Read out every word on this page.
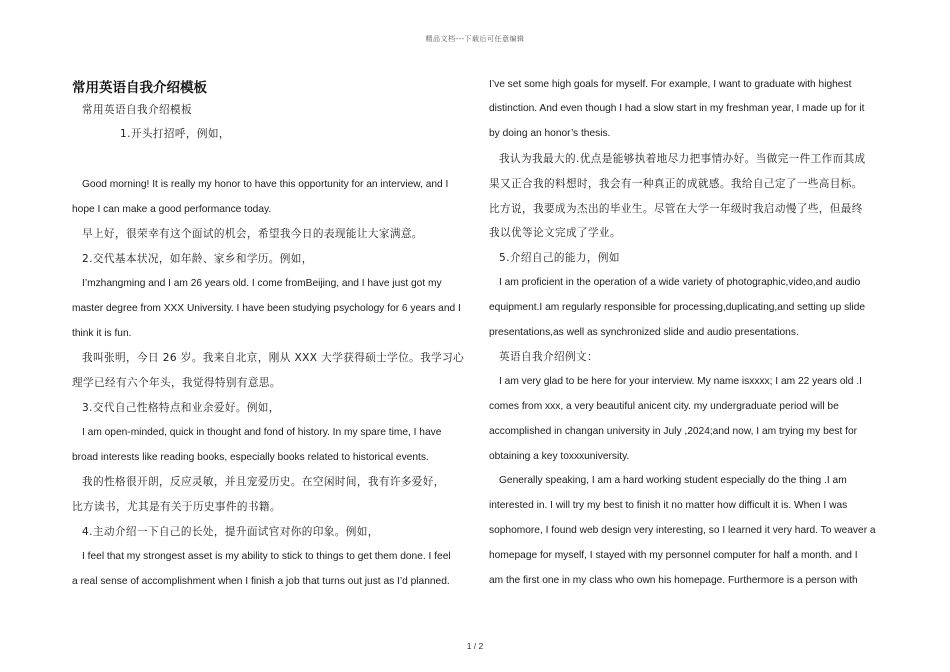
精品文档---下载后可任意编辑
常用英语自我介绍模板
常用英语自我介绍模板
1.开头打招呼，例如，
Good morning! It is really my honor to have this opportunity for an interview, and I
hope I can make a good performance today.
早上好，很荣幸有这个面试的机会，希望我今日的表现能让大家满意。
2.交代基本状况，如年龄、家乡和学历。例如，
I’mzhangming and I am 26 years old. I come fromBeijing, and I have just got my
master degree from XXX University. I have been studying psychology for 6 years and I
think it is fun.
我叫张明，今日 26 岁。我来自北京，刚从 XXX 大学获得硕士学位。我学习心
理学已经有六个年头，我觉得特别有意思。
3.交代自己性格特点和业余爱好。例如，
I am open-minded, quick in thought and fond of history. In my spare time, I have
broad interests like reading books, especially books related to historical events.
我的性格很开朗，反应灵敏，并且宠爱历史。在空闲时间，我有许多爱好，
比方读书，尤其是有关于历史事件的书籍。
4.主动介绍一下自己的长处，提升面试官对你的印象。例如，
I feel that my strongest asset is my ability to stick to things to get them done. I feel
a real sense of accomplishment when I finish a job that turns out just as I’d planned.
I’ve set some high goals for myself. For example, I want to graduate with highest
distinction. And even though I had a slow start in my freshman year, I made up for it
by doing an honor’s thesis.
我认为我最大的.优点是能够执着地尽力把事情办好。当做完一件工作而其成
果又正合我的料想时，我会有一种真正的成就感。我给自己定了一些高目标。
比方说，我要成为杰出的毕业生。尽管在大学一年级时我启动慢了些，但最终
我以优等论文完成了学业。
5.介绍自己的能力，例如
I am proficient in the operation of a wide variety of photographic,video,and audio
equipment.I am regularly responsible for processing,duplicating,and setting up slide
presentations,as well as synchronized slide and audio presentations.
英语自我介绍例文：
I am very glad to be here for your interview. My name isxxxx; I am 22 years old .I
comes from xxx, a very beautiful anicent city. my undergraduate period will be
accomplished in changan university in July ,2024;and now, I am trying my best for
obtaining a key toxxxuniversity.
Generally speaking, I am a hard working student especially do the thing .I am
interested in. I will try my best to finish it no matter how difficult it is. When I was
sophomore, I found web design very interesting, so I learned it very hard. To weaver a
homepage for myself, I stayed with my personnel computer for half a month. and I
am the first one in my class who own his homepage. Furthermore is a person with
1 / 2
